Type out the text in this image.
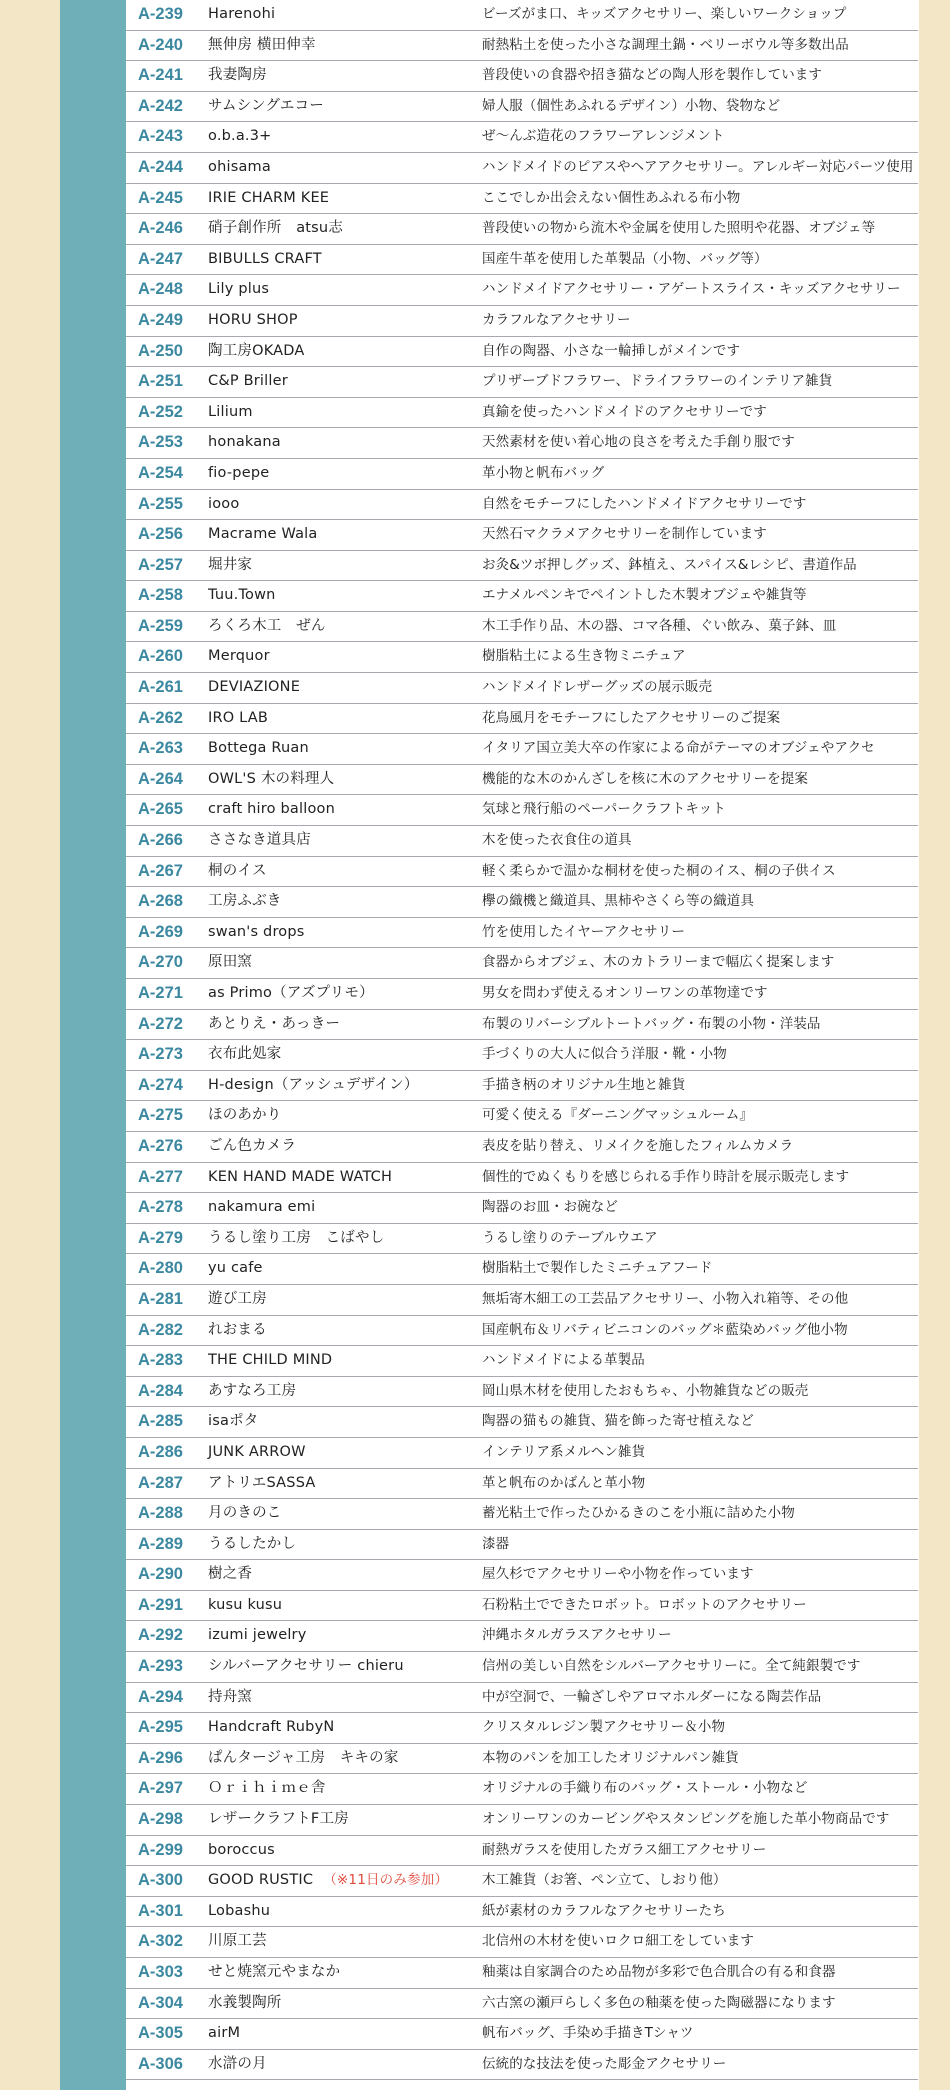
A-239	Harenohi	ビーズがま口、キッズアクセサリー、楽しいワークショップ
A-240	無伸房 横田伸幸	耐熱粘土を使った小さな調理土鍋・ベリーボウル等多数出品
A-241	我妻陶房	普段使いの食器や招き猫などの陶人形を製作しています
A-242	サムシングエコー	婦人服（個性あふれるデザイン）小物、袋物など
A-243	o.b.a.3+	ぜ〜んぶ造花のフラワーアレンジメント
A-244	ohisama	ハンドメイドのピアスやヘアアクセサリー。アレルギー対応パーツ使用
A-245	IRIE CHARM KEE	ここでしか出会えない個性あふれる布小物
A-246	硝子創作所　atsu志	普段使いの物から流木や金属を使用した照明や花器、オブジェ等
A-247	BIBULLS CRAFT	国産牛革を使用した革製品（小物、バッグ等）
A-248	Lily plus	ハンドメイドアクセサリー・アゲートスライス・キッズアクセサリー
A-249	HORU SHOP	カラフルなアクセサリー
A-250	陶工房OKADA	自作の陶器、小さな一輪挿しがメインです
A-251	C&P Briller	プリザーブドフラワー、ドライフラワーのインテリア雑貨
A-252	Lilium	真鍮を使ったハンドメイドのアクセサリーです
A-253	honakana	天然素材を使い着心地の良さを考えた手創り服です
A-254	fio-pepe	革小物と帆布バッグ
A-255	iooo	自然をモチーフにしたハンドメイドアクセサリーです
A-256	Macrame Wala	天然石マクラメアクセサリーを制作しています
A-257	堀井家	お灸&ツボ押しグッズ、鉢植え、スパイス&レシピ、書道作品
A-258	Tuu.Town	エナメルペンキでペイントした木製オブジェや雑貨等
A-259	ろくろ木工　ぜん	木工手作り品、木の器、コマ各種、ぐい飲み、菓子鉢、皿
A-260	Merquor	樹脂粘土による生き物ミニチュア
A-261	DEVIAZIONE	ハンドメイドレザーグッズの展示販売
A-262	IRO LAB	花鳥風月をモチーフにしたアクセサリーのご提案
A-263	Bottega Ruan	イタリア国立美大卒の作家による命がテーマのオブジェやアクセ
A-264	OWL'S 木の料理人	機能的な木のかんざしを核に木のアクセサリーを提案
A-265	craft hiro balloon	気球と飛行船のペーパークラフトキット
A-266	ささなき道具店	木を使った衣食住の道具
A-267	桐のイス	軽く柔らかで温かな桐材を使った桐のイス、桐の子供イス
A-268	工房ふぶき	欅の織機と織道具、黒柿やさくら等の織道具
A-269	swan's drops	竹を使用したイヤーアクセサリー
A-270	原田窯	食器からオブジェ、木のカトラリーまで幅広く提案します
A-271	as Primo（アズプリモ）	男女を問わず使えるオンリーワンの革物達です
A-272	あとりえ・あっきー	布製のリバーシブルトートバッグ・布製の小物・洋装品
A-273	衣布此処家	手づくりの大人に似合う洋服・靴・小物
A-274	H-design（アッシュデザイン）	手描き柄のオリジナル生地と雑貨
A-275	ほのあかり	可愛く使える『ダーニングマッシュルーム』
A-276	ごん色カメラ	表皮を貼り替え、リメイクを施したフィルムカメラ
A-277	KEN HAND MADE WATCH	個性的でぬくもりを感じられる手作り時計を展示販売します
A-278	nakamura emi	陶器のお皿・お碗など
A-279	うるし塗り工房　こばやし	うるし塗りのテーブルウエア
A-280	yu cafe	樹脂粘土で製作したミニチュアフード
A-281	遊び工房	無垢寄木細工の工芸品アクセサリー、小物入れ箱等、その他
A-282	れおまる	国産帆布＆リバティビニコンのバッグ＊藍染めバッグ他小物
A-283	THE CHILD MIND	ハンドメイドによる革製品
A-284	あすなろ工房	岡山県木材を使用したおもちゃ、小物雑貨などの販売
A-285	isaポタ	陶器の猫もの雑貨、猫を飾った寄せ植えなど
A-286	JUNK ARROW	インテリア系メルヘン雑貨
A-287	アトリエSASSA	革と帆布のかばんと革小物
A-288	月のきのこ	蓄光粘土で作ったひかるきのこを小瓶に詰めた小物
A-289	うるしたかし	漆器
A-290	樹之香	屋久杉でアクセサリーや小物を作っています
A-291	kusu kusu	石粉粘土でできたロボット。ロボットのアクセサリー
A-292	izumi jewelry	沖縄ホタルガラスアクセサリー
A-293	シルバーアクセサリー chieru	信州の美しい自然をシルバーアクセサリーに。全て純銀製です
A-294	持舟窯	中が空洞で、一輪ざしやアロマホルダーになる陶芸作品
A-295	Handcraft RubyN	クリスタルレジン製アクセサリー＆小物
A-296	ぱんタージャ工房　キキの家	本物のパンを加工したオリジナルパン雑貨
A-297	Ｏｒｉｈｉｍｅ舎	オリジナルの手織り布のバッグ・ストール・小物など
A-298	レザークラフトF工房	オンリーワンのカービングやスタンピングを施した革小物商品です
A-299	boroccus	耐熱ガラスを使用したガラス細工アクセサリー
A-300	GOOD RUSTIC （※11日のみ参加）	木工雑貨（お箸、ペン立て、しおり他）
A-301	Lobashu	紙が素材のカラフルなアクセサリーたち
A-302	川原工芸	北信州の木材を使いロクロ細工をしています
A-303	せと焼窯元やまなか	釉薬は自家調合のため品物が多彩で色合肌合の有る和食器
A-304	水義製陶所	六古窯の瀬戸らしく多色の釉薬を使った陶磁器になります
A-305	airM	帆布バッグ、手染め手描きTシャツ
A-306	水滸の月	伝統的な技法を使った彫金アクセサリー
